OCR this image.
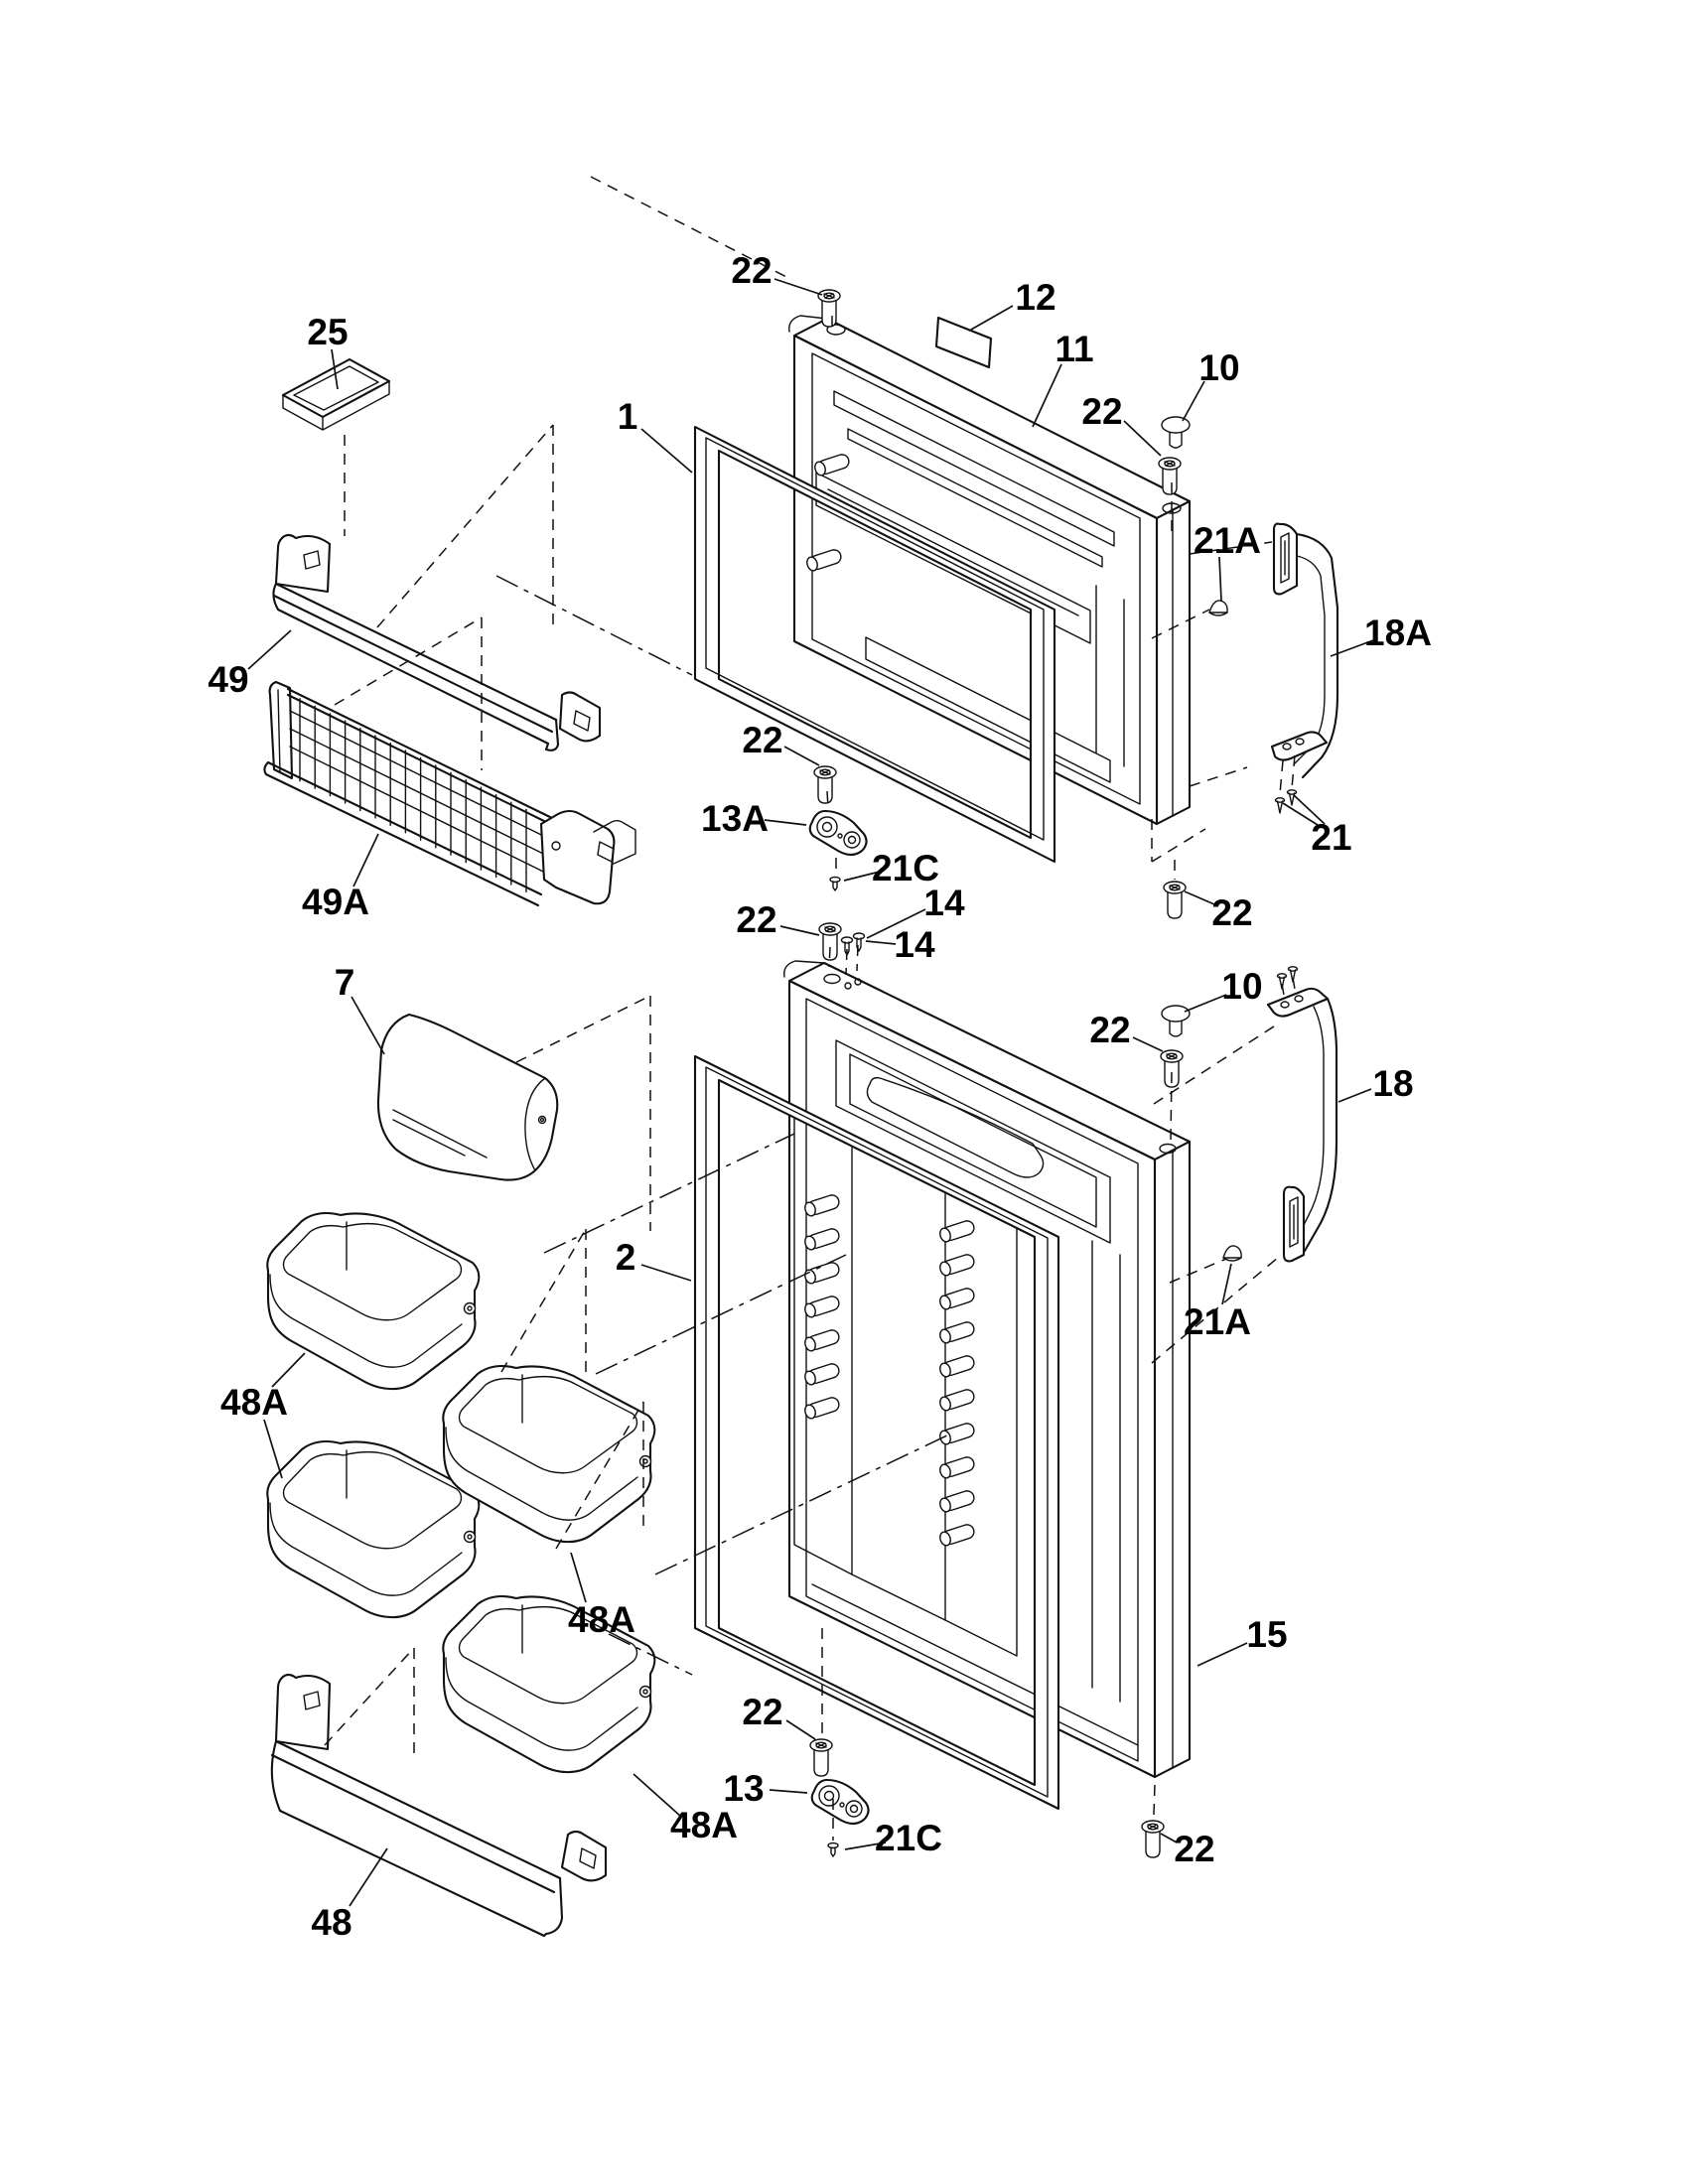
22
25
12
11
1
10
22
21A
18A
49
22
13A
21C
49A
21
22
22	14
14
7	10
22
18
2
21A
48A
48A
48A
15
22
13
21C	22
48
